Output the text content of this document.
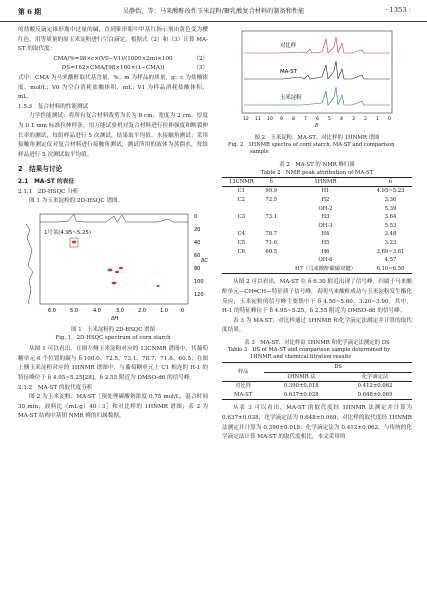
第 6 期	吴静怡，等：马来酸酐改性玉米淀粉/聚乳酸复合材料的制备和性能	· 1353 ·

的盐酸反滴定锥形瓶中过量的碱，直到锥形瓶中甲基红指示剂由黄色变为樱红色，用等质量的原玉米淀粉进行空白滴定。根据式（2）和（3）计算 MA-ST 的取代度：

CMA/%=98×c×(V0−V1)/(1000×2m)×100	（2）
DS=162×CMA/[98×100×(1−CMA)]	（3）

式中：CMA 为马来酸酐取代基含量，%；m 为样品的质量，g；c 为盐酸浓度，mol/L；V0 为空白消耗盐酸体积，mL；V1 为样品消耗盐酸体积，mL。

1.5.3　复合材料的性能测试

力学性能测试：将所有复合材料裁剪为长为 8 cm、宽度为 2 cm、厚度为 0.1 mm 标准拉伸样条。用万能试验机对复合材料进行拉伸强度和断裂伸长率的测试，每组样品进行 5 次测试，结果取平均值。水接触角测试：采用接触角测定仪对复合材料进行接触角测试，测试所用的液体为蒸馏水，每组样品进行 5 次测试取平均值。

2　结果与讨论
2.1　MA-ST 的表征
2.1.1　2D-HSQC 分析

图 1 为玉米淀粉的 2D-HSQC 谱图。

1号氢(4.95~5.25)
0
20
40
60
80
100
120
δC
6.0	5.0	4.0	3.0	2.0	1.0	0
δH
图 1　玉米淀粉的 2D-HSQC 谱图
Fig. 1　2D-HSQC spectrum of corn starch

从图 1 可以看出，在图左侧玉米淀粉对应的 13CNMR 谱图中，其葡萄糖单元 6 个位置的碳与 δ 100.0、72.5、73.1、78.7、71.6、60.5；在图上侧玉米淀粉对应的 1HNMR 谱图中，与葡萄糖单元上 C1 相连的 H-1 的特征峰位于 δ 4.95~5.25[28]，δ 2.55 附近为 DMSO-d6 的信号峰。

2.1.2　MA-ST 的取代度分析

图 2 为玉米淀粉、MA-ST［预处理碳酸钠浓度 0.75 mol/L，混合时间 30 min，液料比（mL∶g）40∶3］和对比样的 1HNMR 谱图；表 2 为 MA-ST 结构中基团 NMR 峰的归属数据。

对比样
MA-ST
玉米淀粉
12 11 10 9 8 7 6 5 4 3 2 1 0
δ
图 2　玉米淀粉、MA-ST、对比样的 1HNMR 谱图
Fig. 2　1HNMR spectra of corn starch, MA-ST and comparison sample
表 2　MA-ST 的 NMR 峰归属
Table 2　NMR peak attribution of MA-ST
13CNMR	δ	1HNMR	δ
C1	99.9	H1	4.95~5.23
C2	72.5	H2	3.36
		OH-2	5.39
C3	73.1	H3	3.64
		OH-3	5.53
C4	78.7	H4	3.48
C5	71.6	H5	3.23
C6	60.5	H6	3.69~3.61
		OH-6	4.57
		H7（马来酸酐碳碳双键）	6.10~6.50

从图 2 可以看出，MA-ST 在 δ 6.30 附近出现了信号峰，归属于马来酸酐单元—CH═CH—特征质子信号峰，表明马来酸酐成功与玉米淀粉发生酯化反应，玉米淀粉的信号峰主要集中于 δ 4.50~5.60、3.20~3.90。其中，H-1 的特征峰位于 δ 4.95~5.25，δ 2.55 附近为 DMSO-d6 的信号峰。

表 3 为 MA-ST、对比样通过 1HNMR 和化学滴定法测定并计算的取代度结果。

表 3　MA-ST、对比样由 1HNMR 和化学滴定法测定的 DS
Table 3　DS of MA-ST and comparison sample determined by 1HNMR and chemical titration results
样品	DS	
	1HNMR 法	化学滴定法
对比样	0.390±0.018	0.412±0.062
MA-ST	0.637±0.028	0.648±0.069

从表 3 可以看出，MA-ST 的取代度经 1HNMR 法测定并计算为 0.637±0.028，化学滴定法为 0.648±0.069；对比样的取代度经 1HNMR 法测定并计算为 0.390±0.018；化学滴定法为 0.412±0.062。与传统的化学滴定法计算 MA-ST 的取代度相比，本文采用的
